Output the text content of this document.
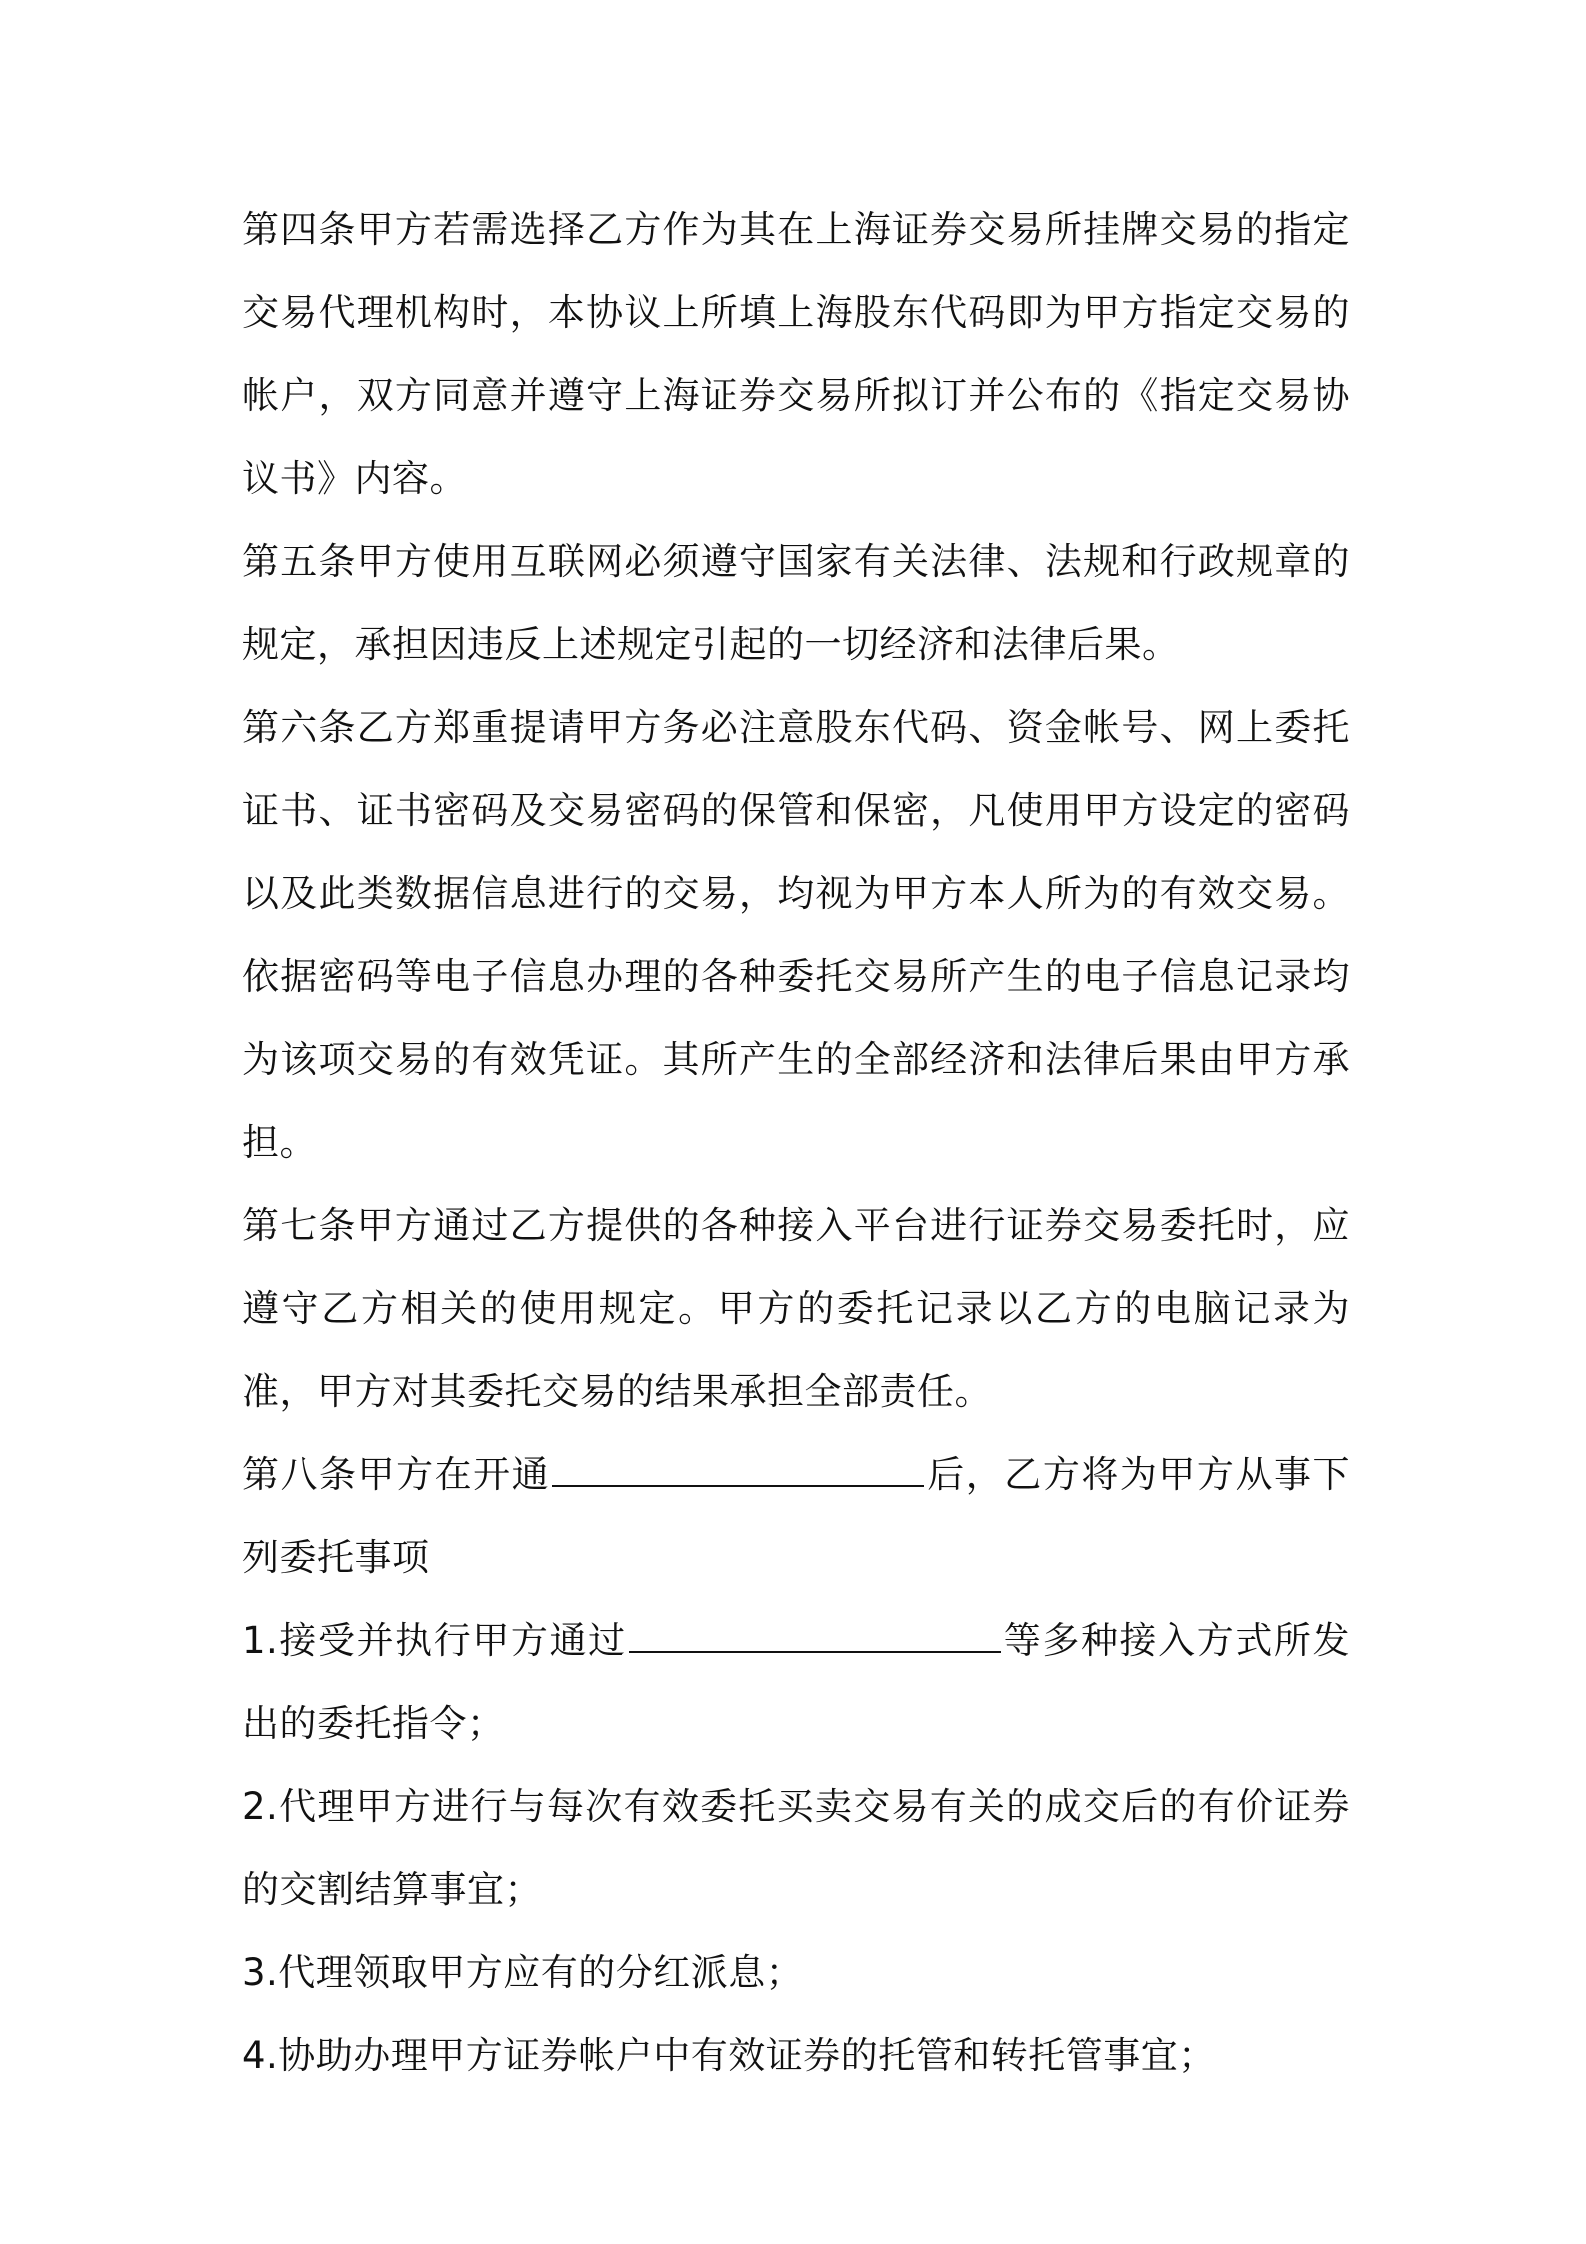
第四条甲方若需选择乙方作为其在上海证券交易所挂牌交易的指定交易代理机构时，本协议上所填上海股东代码即为甲方指定交易的帐户，双方同意并遵守上海证券交易所拟订并公布的《指定交易协议书》内容。

第五条甲方使用互联网必须遵守国家有关法律、法规和行政规章的规定，承担因违反上述规定引起的一切经济和法律后果。

第六条乙方郑重提请甲方务必注意股东代码、资金帐号、网上委托证书、证书密码及交易密码的保管和保密，凡使用甲方设定的密码以及此类数据信息进行的交易，均视为甲方本人所为的有效交易。依据密码等电子信息办理的各种委托交易所产生的电子信息记录均为该项交易的有效凭证。其所产生的全部经济和法律后果由甲方承担。

第七条甲方通过乙方提供的各种接入平台进行证券交易委托时，应遵守乙方相关的使用规定。甲方的委托记录以乙方的电脑记录为准，甲方对其委托交易的结果承担全部责任。

第八条甲方在开通	后，乙方将为甲方从事下列委托事项

1.接受并执行甲方通过	等多种接入方式所发出的委托指令；

2.代理甲方进行与每次有效委托买卖交易有关的成交后的有价证券的交割结算事宜；

3.代理领取甲方应有的分红派息；

4.协助办理甲方证券帐户中有效证券的托管和转托管事宜；
